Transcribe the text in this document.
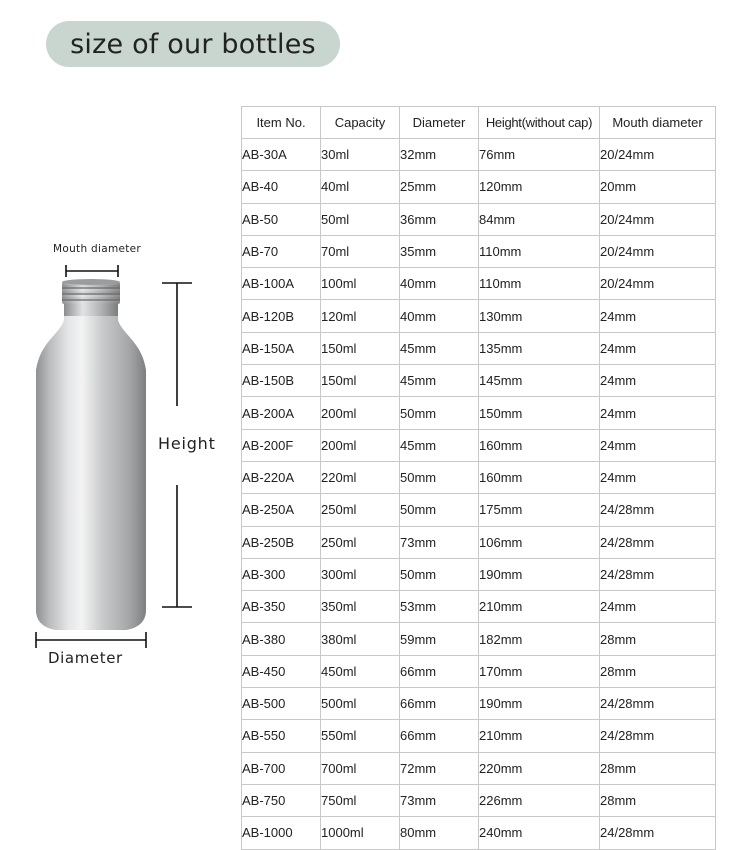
size of our bottles
Mouth diameter
Height
Diameter
Item No.	Capacity	Diameter	Height(without cap)	Mouth diameter
AB-30A	30ml	32mm	76mm	20/24mm
AB-40	40ml	25mm	120mm	20mm
AB-50	50ml	36mm	84mm	20/24mm
AB-70	70ml	35mm	110mm	20/24mm
AB-100A	100ml	40mm	110mm	20/24mm
AB-120B	120ml	40mm	130mm	24mm
AB-150A	150ml	45mm	135mm	24mm
AB-150B	150ml	45mm	145mm	24mm
AB-200A	200ml	50mm	150mm	24mm
AB-200F	200ml	45mm	160mm	24mm
AB-220A	220ml	50mm	160mm	24mm
AB-250A	250ml	50mm	175mm	24/28mm
AB-250B	250ml	73mm	106mm	24/28mm
AB-300	300ml	50mm	190mm	24/28mm
AB-350	350ml	53mm	210mm	24mm
AB-380	380ml	59mm	182mm	28mm
AB-450	450ml	66mm	170mm	28mm
AB-500	500ml	66mm	190mm	24/28mm
AB-550	550ml	66mm	210mm	24/28mm
AB-700	700ml	72mm	220mm	28mm
AB-750	750ml	73mm	226mm	28mm
AB-1000	1000ml	80mm	240mm	24/28mm
